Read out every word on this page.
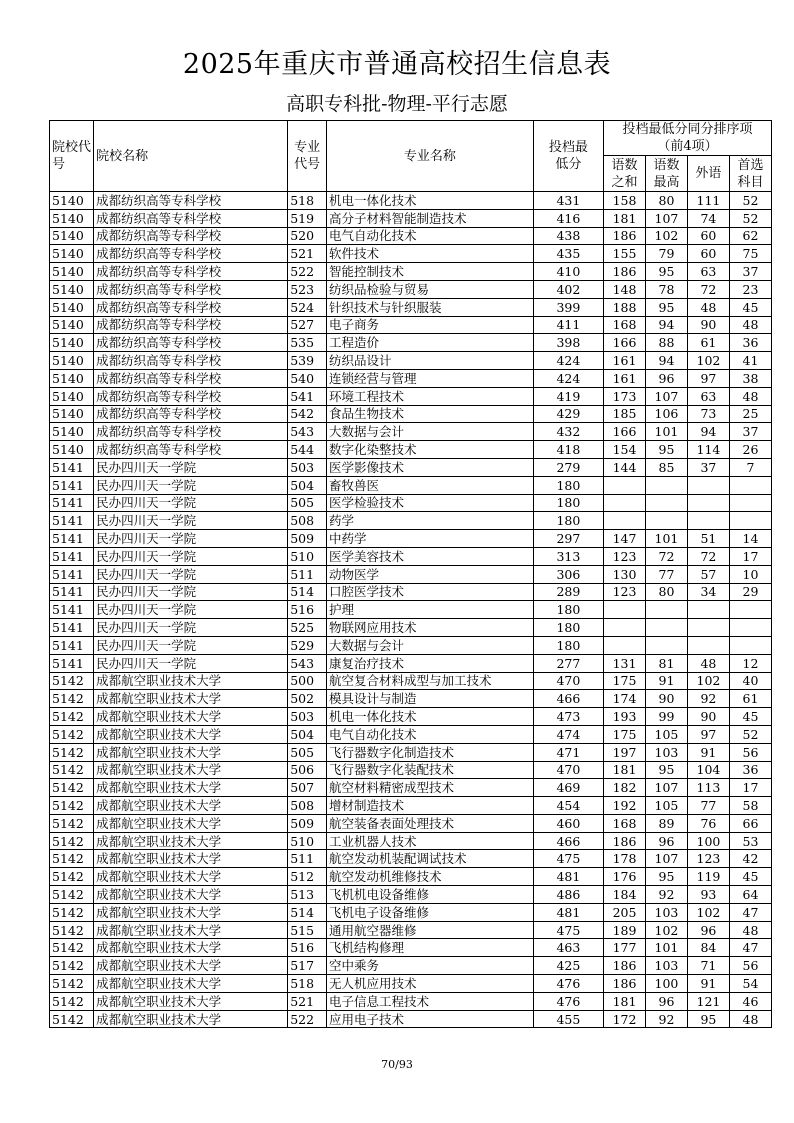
2025年重庆市普通高校招生信息表
高职专科批-物理-平行志愿
院校代号	院校名称	专业代号	专业名称	投档最低分	投档最低分同分排序项（前4项）			
					语数之和	语数最高	外语	首选科目
5140	成都纺织高等专科学校	518	机电一体化技术	431	158	80	111	52
5140	成都纺织高等专科学校	519	高分子材料智能制造技术	416	181	107	74	52
5140	成都纺织高等专科学校	520	电气自动化技术	438	186	102	60	62
5140	成都纺织高等专科学校	521	软件技术	435	155	79	60	75
5140	成都纺织高等专科学校	522	智能控制技术	410	186	95	63	37
5140	成都纺织高等专科学校	523	纺织品检验与贸易	402	148	78	72	23
5140	成都纺织高等专科学校	524	针织技术与针织服装	399	188	95	48	45
5140	成都纺织高等专科学校	527	电子商务	411	168	94	90	48
5140	成都纺织高等专科学校	535	工程造价	398	166	88	61	36
5140	成都纺织高等专科学校	539	纺织品设计	424	161	94	102	41
5140	成都纺织高等专科学校	540	连锁经营与管理	424	161	96	97	38
5140	成都纺织高等专科学校	541	环境工程技术	419	173	107	63	48
5140	成都纺织高等专科学校	542	食品生物技术	429	185	106	73	25
5140	成都纺织高等专科学校	543	大数据与会计	432	166	101	94	37
5140	成都纺织高等专科学校	544	数字化染整技术	418	154	95	114	26
5141	民办四川天一学院	503	医学影像技术	279	144	85	37	7
5141	民办四川天一学院	504	畜牧兽医	180				
5141	民办四川天一学院	505	医学检验技术	180				
5141	民办四川天一学院	508	药学	180				
5141	民办四川天一学院	509	中药学	297	147	101	51	14
5141	民办四川天一学院	510	医学美容技术	313	123	72	72	17
5141	民办四川天一学院	511	动物医学	306	130	77	57	10
5141	民办四川天一学院	514	口腔医学技术	289	123	80	34	29
5141	民办四川天一学院	516	护理	180				
5141	民办四川天一学院	525	物联网应用技术	180				
5141	民办四川天一学院	529	大数据与会计	180				
5141	民办四川天一学院	543	康复治疗技术	277	131	81	48	12
5142	成都航空职业技术大学	500	航空复合材料成型与加工技术	470	175	91	102	40
5142	成都航空职业技术大学	502	模具设计与制造	466	174	90	92	61
5142	成都航空职业技术大学	503	机电一体化技术	473	193	99	90	45
5142	成都航空职业技术大学	504	电气自动化技术	474	175	105	97	52
5142	成都航空职业技术大学	505	飞行器数字化制造技术	471	197	103	91	56
5142	成都航空职业技术大学	506	飞行器数字化装配技术	470	181	95	104	36
5142	成都航空职业技术大学	507	航空材料精密成型技术	469	182	107	113	17
5142	成都航空职业技术大学	508	增材制造技术	454	192	105	77	58
5142	成都航空职业技术大学	509	航空装备表面处理技术	460	168	89	76	66
5142	成都航空职业技术大学	510	工业机器人技术	466	186	96	100	53
5142	成都航空职业技术大学	511	航空发动机装配调试技术	475	178	107	123	42
5142	成都航空职业技术大学	512	航空发动机维修技术	481	176	95	119	45
5142	成都航空职业技术大学	513	飞机机电设备维修	486	184	92	93	64
5142	成都航空职业技术大学	514	飞机电子设备维修	481	205	103	102	47
5142	成都航空职业技术大学	515	通用航空器维修	475	189	102	96	48
5142	成都航空职业技术大学	516	飞机结构修理	463	177	101	84	47
5142	成都航空职业技术大学	517	空中乘务	425	186	103	71	56
5142	成都航空职业技术大学	518	无人机应用技术	476	186	100	91	54
5142	成都航空职业技术大学	521	电子信息工程技术	476	181	96	121	46
5142	成都航空职业技术大学	522	应用电子技术	455	172	92	95	48
70/93
